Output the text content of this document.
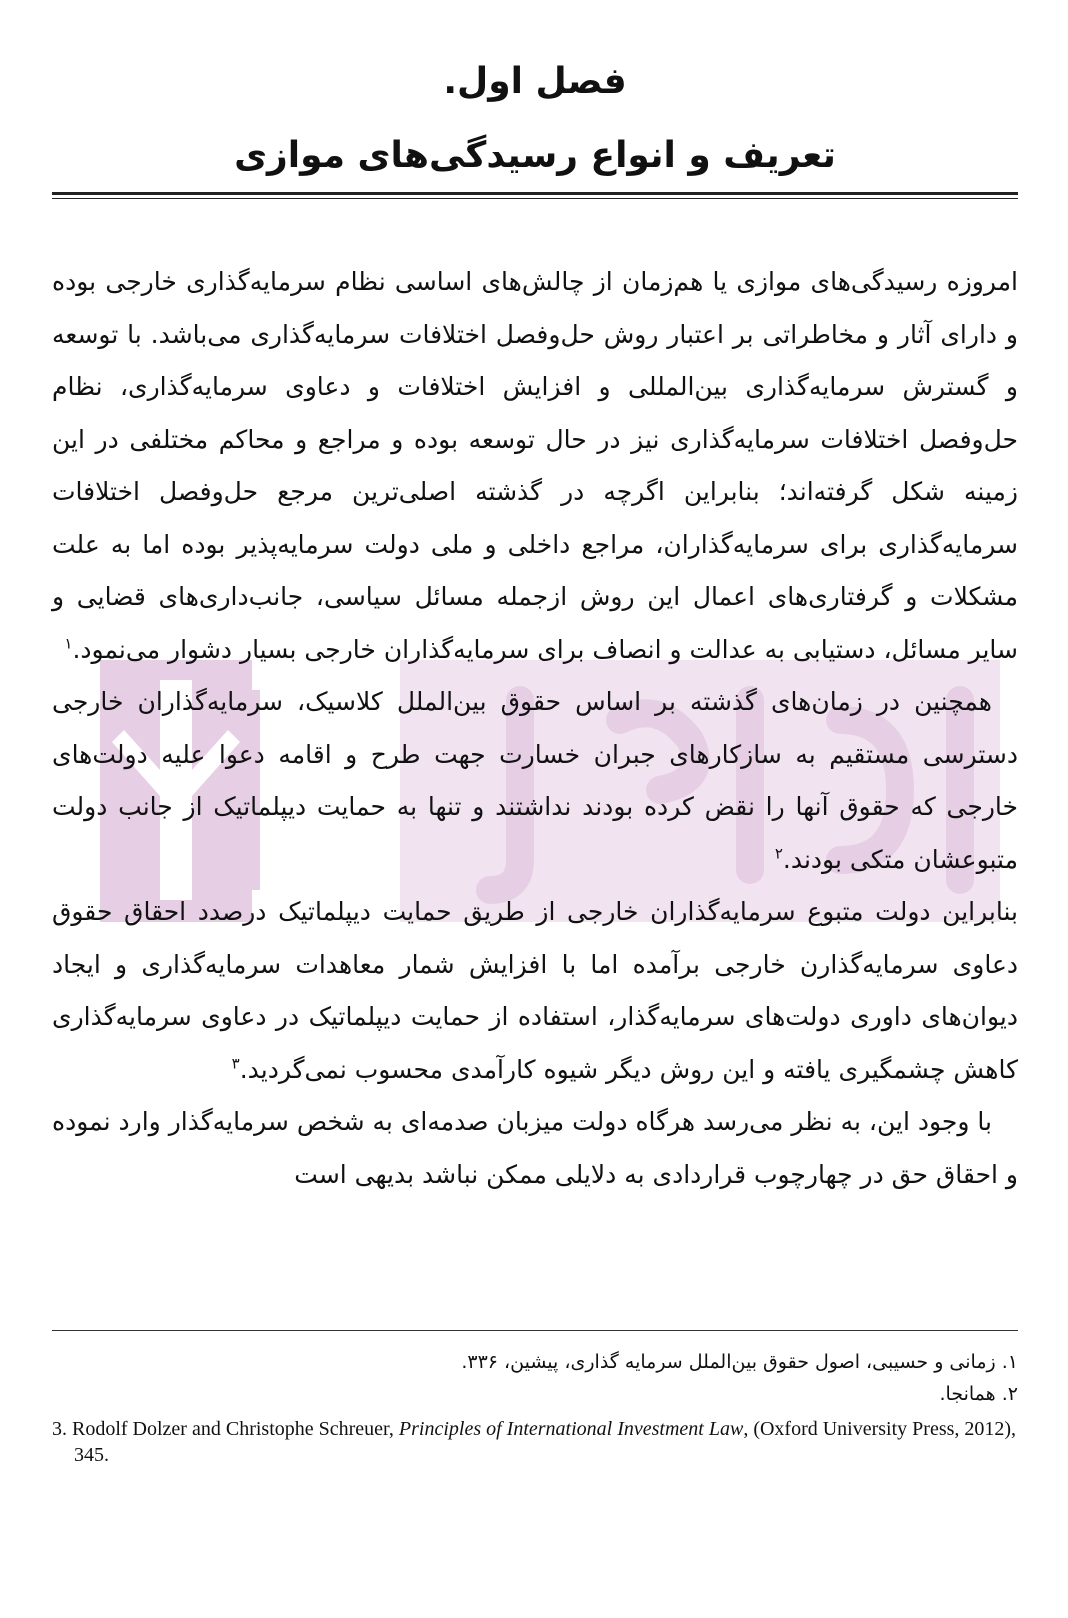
فصل اول.
تعریف و انواع رسیدگی‌های موازی

امروزه رسیدگی‌های موازی یا هم‌زمان از چالش‌های اساسی نظام سرمایه‌گذاری خارجی بوده و دارای آثار و مخاطراتی بر اعتبار روش حل‌وفصل اختلافات سرمایه‌گذاری می‌باشد. با توسعه و گسترش سرمایه‌گذاری بین‌المللی و افزایش اختلافات و دعاوی سرمایه‌گذاری، نظام حل‌وفصل اختلافات سرمایه‌گذاری نیز در حال توسعه بوده و مراجع و محاکم مختلفی در این زمینه شکل گرفته‌اند؛ بنابراین اگرچه در گذشته اصلی‌ترین مرجع حل‌وفصل اختلافات سرمایه‌گذاری برای سرمایه‌گذاران، مراجع داخلی و ملی دولت سرمایه‌پذیر بوده اما به علت مشکلات و گرفتاری‌های اعمال این روش ازجمله مسائل سیاسی، جانب‌داری‌های قضایی و سایر مسائل، دستیابی به عدالت و انصاف برای سرمایه‌گذاران خارجی بسیار دشوار می‌نمود.$^۱$

همچنین در زمان‌های گذشته بر اساس حقوق بین‌الملل کلاسیک، سرمایه‌گذاران خارجی دسترسی مستقیم به سازکارهای جبران خسارت جهت طرح و اقامه دعوا علیه دولت‌های خارجی که حقوق آنها را نقض کرده بودند نداشتند و تنها به حمایت دیپلماتیک از جانب دولت متبوعشان متکی بودند.$^۲$

بنابراین دولت متبوع سرمایه‌گذاران خارجی از طریق حمایت دیپلماتیک درصدد احقاق حقوق دعاوی سرمایه‌گذارن خارجی برآمده اما با افزایش شمار معاهدات سرمایه‌گذاری و ایجاد دیوان‌های داوری دولت‌های سرمایه‌گذار، استفاده از حمایت دیپلماتیک در دعاوی سرمایه‌گذاری کاهش چشمگیری یافته و این روش دیگر شیوه کارآمدی محسوب نمی‌گردید.$^۳$

با وجود این، به نظر می‌رسد هرگاه دولت میزبان صدمه‌ای به شخص سرمایه‌گذار وارد نموده و احقاق حق در چهارچوب قراردادی به دلایلی ممکن نباشد بدیهی است

۱. زمانی و حسیبی، اصول حقوق بین‌الملل سرمایه گذاری، پیشین، ۳۳۶.
۲. همانجا.
3. Rodolf Dolzer and Christophe Schreuer, Principles of International Investment Law, (Oxford University Press, 2012), 345.
